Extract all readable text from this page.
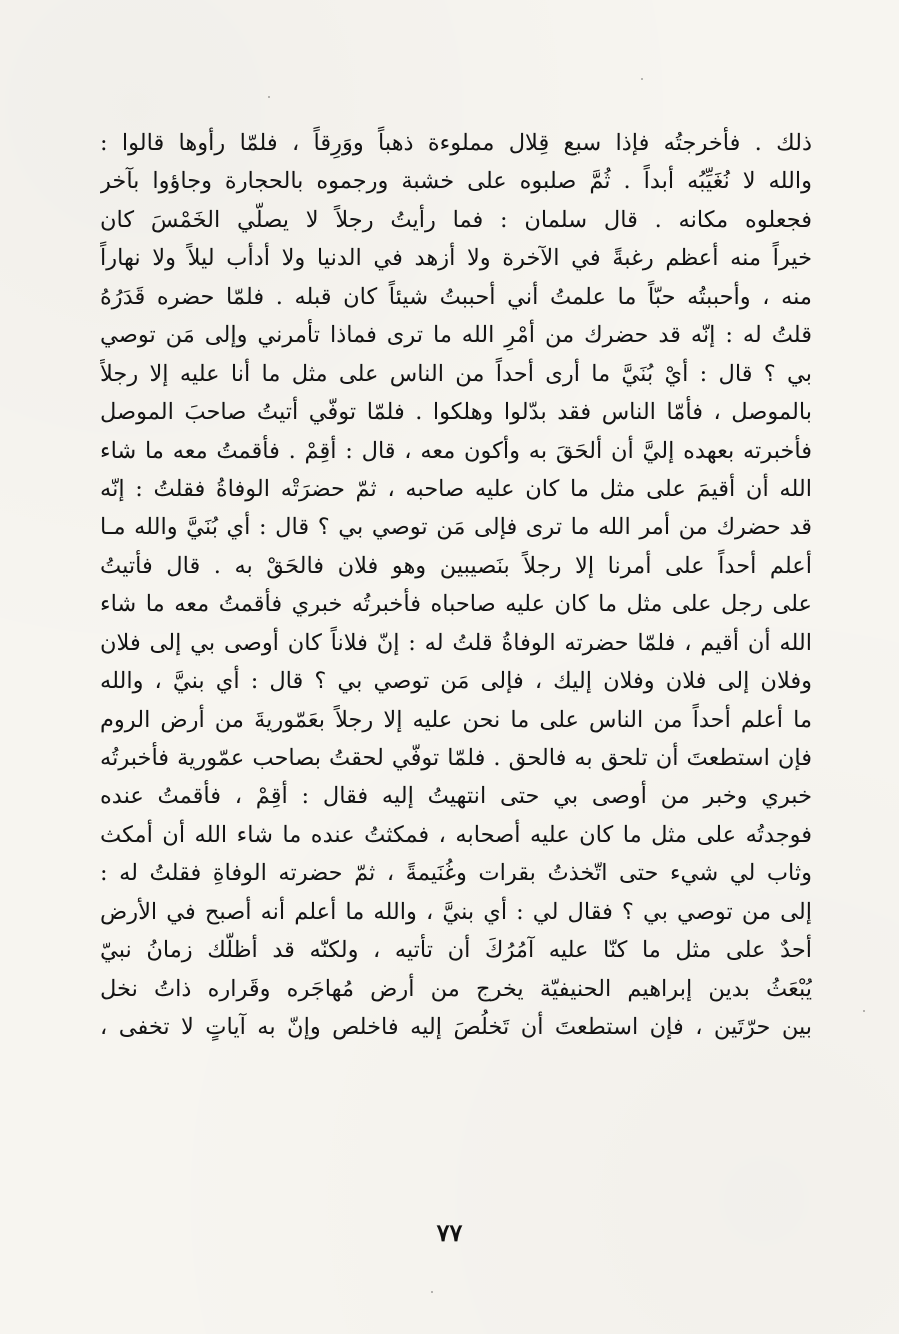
ذلك . فأخرجتُه فإذا سبع قِلال مملوءة ذهباً ووَرِقاً ، فلمّا رأوها قالوا :
والله لا نُغَيِّبُه أبداً . ثُمَّ صلبوه على خشبة ورجموه بالحجارة وجاؤوا بآخر
فجعلوه مكانه . قال سلمان : فما رأيتُ رجلاً لا يصلّي الخَمْسَ كان
خيراً منه أعظم رغبةً في الآخرة ولا أزهد في الدنيا ولا أدأب ليلاً ولا نهاراً
منه ، وأحببتُه حبّاً ما علمتُ أني أحببتُ شيئاً كان قبله . فلمّا حضره قَدَرُهُ
قلتُ له : إنّه قد حضرك من أمْرِ الله ما ترى فماذا تأمرني وإلى مَن توصي
بي ؟ قال : أيْ بُنَيَّ ما أرى أحداً من الناس على مثل ما أنا عليه إلا رجلاً
بالموصل ، فأمّا الناس فقد بدّلوا وهلكوا . فلمّا توفّي أتيتُ صاحبَ الموصل
فأخبرته بعهده إليَّ أن ألحَقَ به وأكون معه ، قال : أقِمْ . فأقمتُ معه ما شاء
الله أن أقيمَ على مثل ما كان عليه صاحبه ، ثمّ حضرَتْه الوفاةُ فقلتُ : إنّه
قد حضرك من أمر الله ما ترى فإلى مَن توصي بي ؟ قال : أي بُنَيَّ والله مـا
أعلم أحداً على أمرنا إلا رجلاً بنَصيبين وهو فلان فالحَقْ به . قال فأتيتُ
على رجل على مثل ما كان عليه صاحباه فأخبرتُه خبري فأقمتُ معه ما شاء
الله أن أقيم ، فلمّا حضرته الوفاةُ قلتُ له : إنّ فلاناً كان أوصى بي إلى فلان
وفلان إلى فلان وفلان إليك ، فإلى مَن توصي بي ؟ قال : أي بنيَّ ، والله
ما أعلم أحداً من الناس على ما نحن عليه إلا رجلاً بعَمّوريةَ من أرض الروم
فإن استطعتَ أن تلحق به فالحق . فلمّا توفّي لحقتُ بصاحب عمّورية فأخبرتُه
خبري وخبر من أوصى بي حتى انتهيتُ إليه فقال : أقِمْ ، فأقمتُ عنده
فوجدتُه على مثل ما كان عليه أصحابه ، فمكثتُ عنده ما شاء الله أن أمكث
وثاب لي شيء حتى اتّخذتُ بقرات وغُنَيمةً ، ثمّ حضرته الوفاةِ فقلتُ له :
إلى من توصي بي ؟ فقال لي : أي بنيَّ ، والله ما أعلم أنه أصبح في الأرض
أحدٌ على مثل ما كنّا عليه آمُرُكَ أن تأتيه ، ولكنّه قد أظلّك زمانُ نبيّ
يُبْعَثُ بدين إبراهيم الحنيفيّة يخرج من أرض مُهاجَره وقَراره ذاتُ نخل
بين حرّتَين ، فإن استطعتَ أن تَخلُصَ إليه فاخلص وإنّ به آياتٍ لا تخفى ،
٧٧
